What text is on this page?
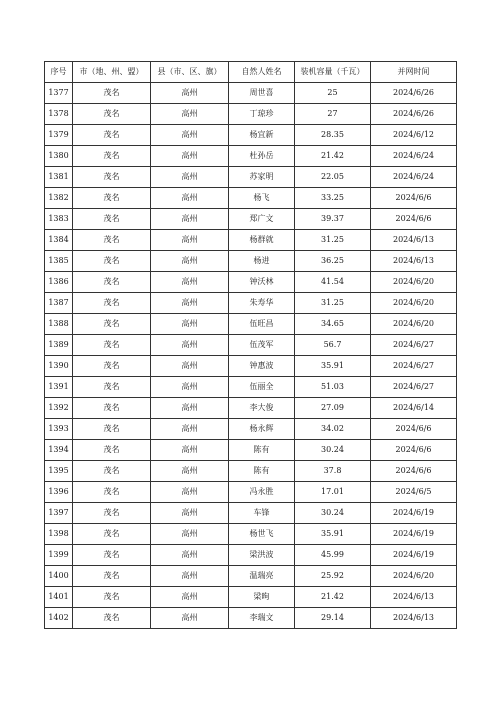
序号	市（地、州、盟）	县（市、区、旗）	自然人姓名	装机容量（千瓦）	并网时间
1377	茂名	高州	周世喜	25	2024/6/26
1378	茂名	高州	丁琼珍	27	2024/6/26
1379	茂名	高州	杨宜新	28.35	2024/6/12
1380	茂名	高州	杜孙岳	21.42	2024/6/24
1381	茂名	高州	苏家明	22.05	2024/6/24
1382	茂名	高州	杨飞	33.25	2024/6/6
1383	茂名	高州	郑广文	39.37	2024/6/6
1384	茂名	高州	杨群就	31.25	2024/6/13
1385	茂名	高州	杨进	36.25	2024/6/13
1386	茂名	高州	钟沃林	41.54	2024/6/20
1387	茂名	高州	朱寿华	31.25	2024/6/20
1388	茂名	高州	伍旺昌	34.65	2024/6/20
1389	茂名	高州	伍茂军	56.7	2024/6/27
1390	茂名	高州	钟惠波	35.91	2024/6/27
1391	茂名	高州	伍丽全	51.03	2024/6/27
1392	茂名	高州	李大俊	27.09	2024/6/14
1393	茂名	高州	杨永辉	34.02	2024/6/6
1394	茂名	高州	陈有	30.24	2024/6/6
1395	茂名	高州	陈有	37.8	2024/6/6
1396	茂名	高州	冯永胜	17.01	2024/6/5
1397	茂名	高州	车锋	30.24	2024/6/19
1398	茂名	高州	杨世飞	35.91	2024/6/19
1399	茂名	高州	梁洪波	45.99	2024/6/19
1400	茂名	高州	温瑞亮	25.92	2024/6/20
1401	茂名	高州	梁昫	21.42	2024/6/13
1402	茂名	高州	李瑞文	29.14	2024/6/13
